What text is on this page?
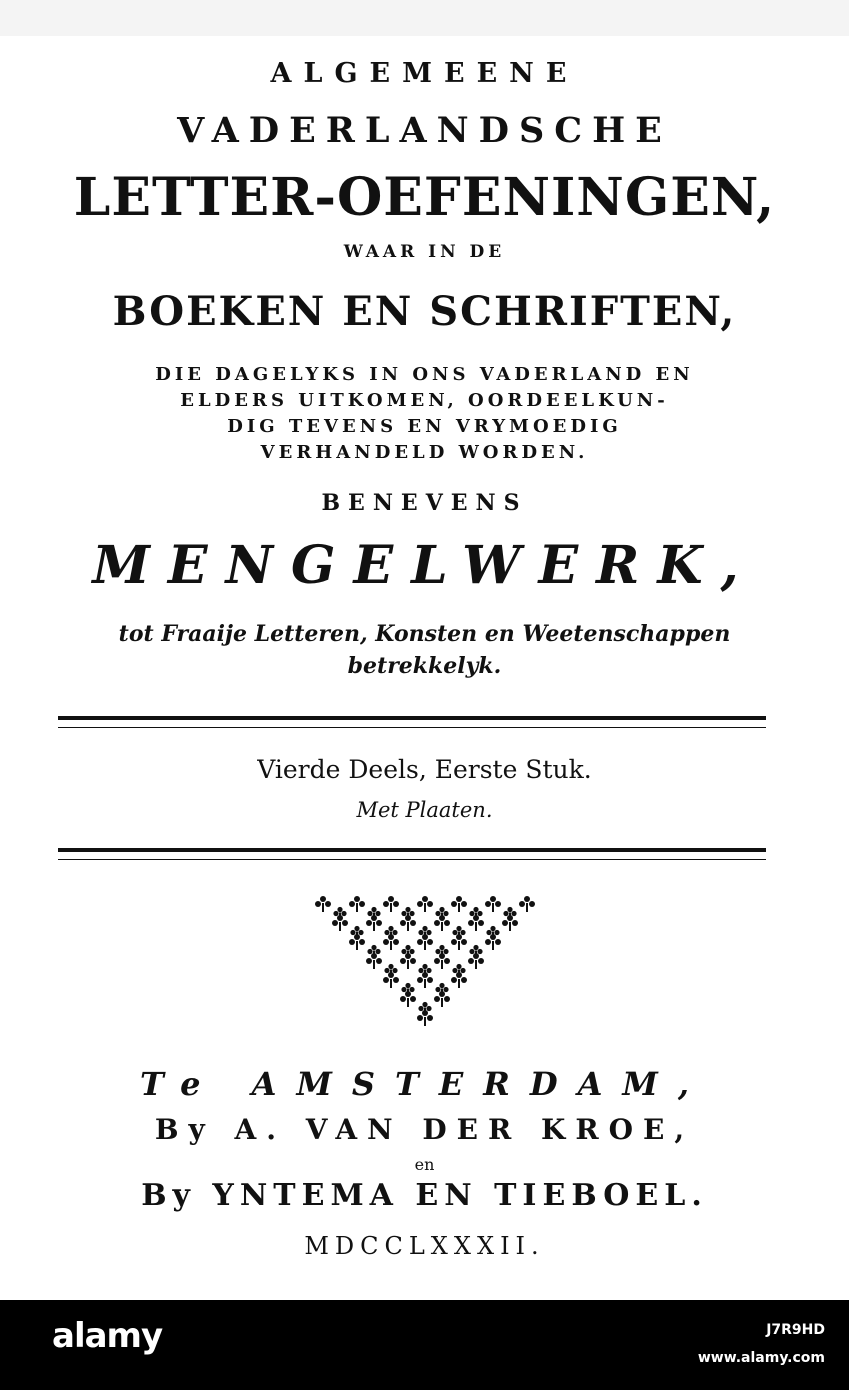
ALGEMEENE
VADERLANDSCHE
LETTER-OEFENINGEN,
WAAR IN DE
BOEKEN EN SCHRIFTEN,
DIE DAGELYKS IN ONS VADERLAND EN
ELDERS UITKOMEN, OORDEELKUN-
DIG TEVENS EN VRYMOEDIG
VERHANDELD WORDEN.
BENEVENS
MENGELWERK,
tot Fraaije Letteren, Konsten en Weetenschappen
betrekkelyk.
Vierde Deels, Eerste Stuk.
Met Plaaten.
Te AMSTERDAM,
By A. VAN DER KROE,
en
By YNTEMA EN TIEBOEL.
MDCCLXXXII.
alamy	J7R9HD
www.alamy.com
